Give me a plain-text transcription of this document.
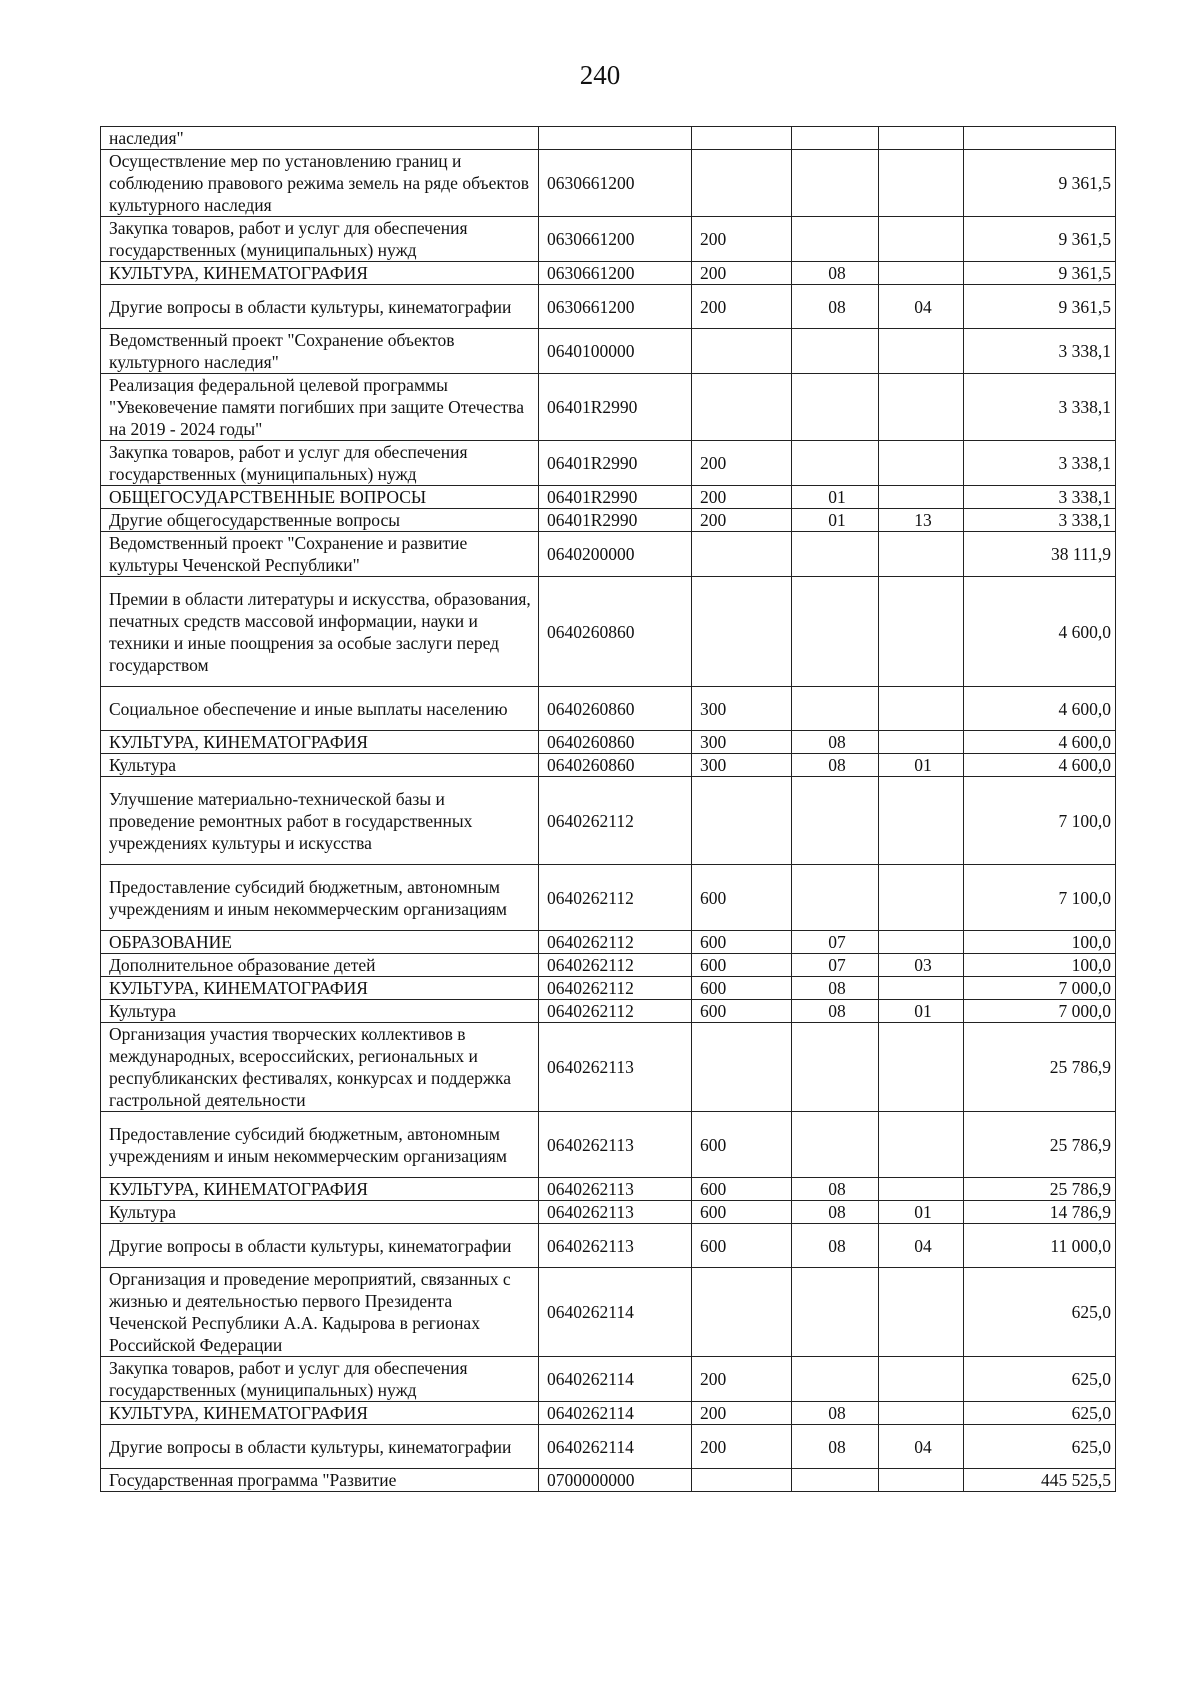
240
наследия"					
Осуществление мер по установлению границ и соблюдению правового режима земель на ряде объектов культурного наследия	0630661200				9 361,5
Закупка товаров, работ и услуг для обеспечения государственных (муниципальных) нужд	0630661200	200			9 361,5
КУЛЬТУРА, КИНЕМАТОГРАФИЯ	0630661200	200	08		9 361,5
Другие вопросы в области культуры, кинематографии	0630661200	200	08	04	9 361,5
Ведомственный проект "Сохранение объектов культурного наследия"	0640100000				3 338,1
Реализация федеральной целевой программы "Увековечение памяти погибших при защите Отечества на 2019 - 2024 годы"	06401R2990				3 338,1
Закупка товаров, работ и услуг для обеспечения государственных (муниципальных) нужд	06401R2990	200			3 338,1
ОБЩЕГОСУДАРСТВЕННЫЕ ВОПРОСЫ	06401R2990	200	01		3 338,1
Другие общегосударственные вопросы	06401R2990	200	01	13	3 338,1
Ведомственный проект "Сохранение и развитие культуры Чеченской Республики"	0640200000				38 111,9
Премии в области литературы и искусства, образования, печатных средств массовой информации, науки и техники и иные поощрения за особые заслуги перед государством	0640260860				4 600,0
Социальное обеспечение и иные выплаты населению	0640260860	300			4 600,0
КУЛЬТУРА, КИНЕМАТОГРАФИЯ	0640260860	300	08		4 600,0
Культура	0640260860	300	08	01	4 600,0
Улучшение материально-технической базы и проведение ремонтных работ в государственных учреждениях культуры и искусства	0640262112				7 100,0
Предоставление субсидий бюджетным, автономным учреждениям и иным некоммерческим организациям	0640262112	600			7 100,0
ОБРАЗОВАНИЕ	0640262112	600	07		100,0
Дополнительное образование детей	0640262112	600	07	03	100,0
КУЛЬТУРА, КИНЕМАТОГРАФИЯ	0640262112	600	08		7 000,0
Культура	0640262112	600	08	01	7 000,0
Организация участия творческих коллективов в международных, всероссийских, региональных и республиканских фестивалях, конкурсах и поддержка гастрольной деятельности	0640262113				25 786,9
Предоставление субсидий бюджетным, автономным учреждениям и иным некоммерческим организациям	0640262113	600			25 786,9
КУЛЬТУРА, КИНЕМАТОГРАФИЯ	0640262113	600	08		25 786,9
Культура	0640262113	600	08	01	14 786,9
Другие вопросы в области культуры, кинематографии	0640262113	600	08	04	11 000,0
Организация и проведение мероприятий, связанных с жизнью и деятельностью первого Президента Чеченской Республики А.А. Кадырова в регионах Российской Федерации	0640262114				625,0
Закупка товаров, работ и услуг для обеспечения государственных (муниципальных) нужд	0640262114	200			625,0
КУЛЬТУРА, КИНЕМАТОГРАФИЯ	0640262114	200	08		625,0
Другие вопросы в области культуры, кинематографии	0640262114	200	08	04	625,0
Государственная программа "Развитие	0700000000				445 525,5
